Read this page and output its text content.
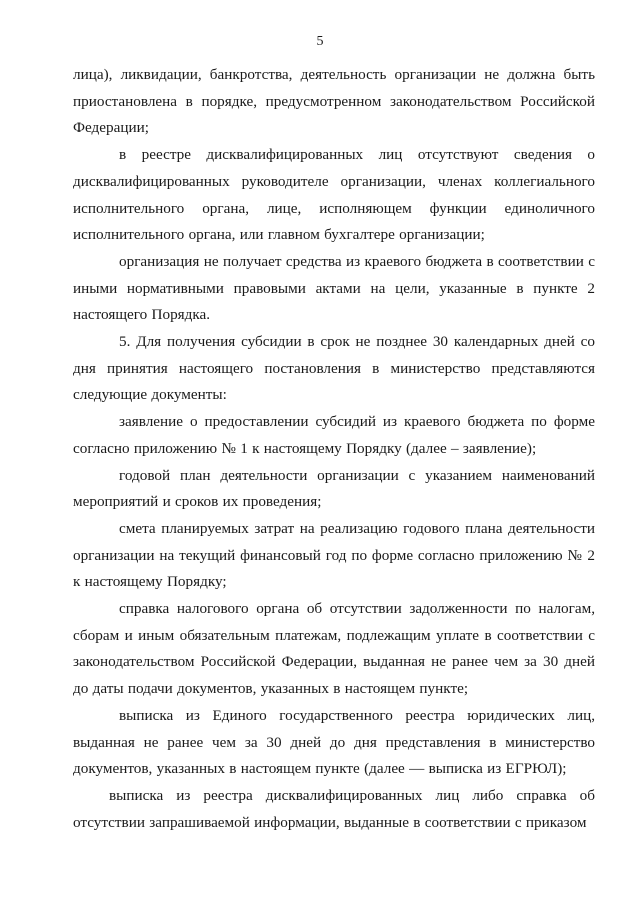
5

лица), ликвидации, банкротства, деятельность организации не должна быть приостановлена в порядке, предусмотренном законодательством Российской Федерации;

в реестре дисквалифицированных лиц отсутствуют сведения о дисквалифицированных руководителе организации, членах коллегиального исполнительного органа, лице, исполняющем функции единоличного исполнительного органа, или главном бухгалтере организации;

организация не получает средства из краевого бюджета в соответствии с иными нормативными правовыми актами на цели, указанные в пункте 2 настоящего Порядка.

5. Для получения субсидии в срок не позднее 30 календарных дней со дня принятия настоящего постановления в министерство представляются следующие документы:

заявление о предоставлении субсидий из краевого бюджета по форме согласно приложению № 1 к настоящему Порядку (далее – заявление);

годовой план деятельности организации с указанием наименований мероприятий и сроков их проведения;

смета планируемых затрат на реализацию годового плана деятельности организации на текущий финансовый год по форме согласно приложению № 2 к настоящему Порядку;

справка налогового органа об отсутствии задолженности по налогам, сборам и иным обязательным платежам, подлежащим уплате в соответствии с законодательством Российской Федерации, выданная не ранее чем за 30 дней до даты подачи документов, указанных в настоящем пункте;

выписка из Единого государственного реестра юридических лиц, выданная не ранее чем за 30 дней до дня представления в министерство документов, указанных в настоящем пункте (далее — выписка из ЕГРЮЛ);

выписка из реестра дисквалифицированных лиц либо справка об отсутствии запрашиваемой информации, выданные в соответствии с приказом
